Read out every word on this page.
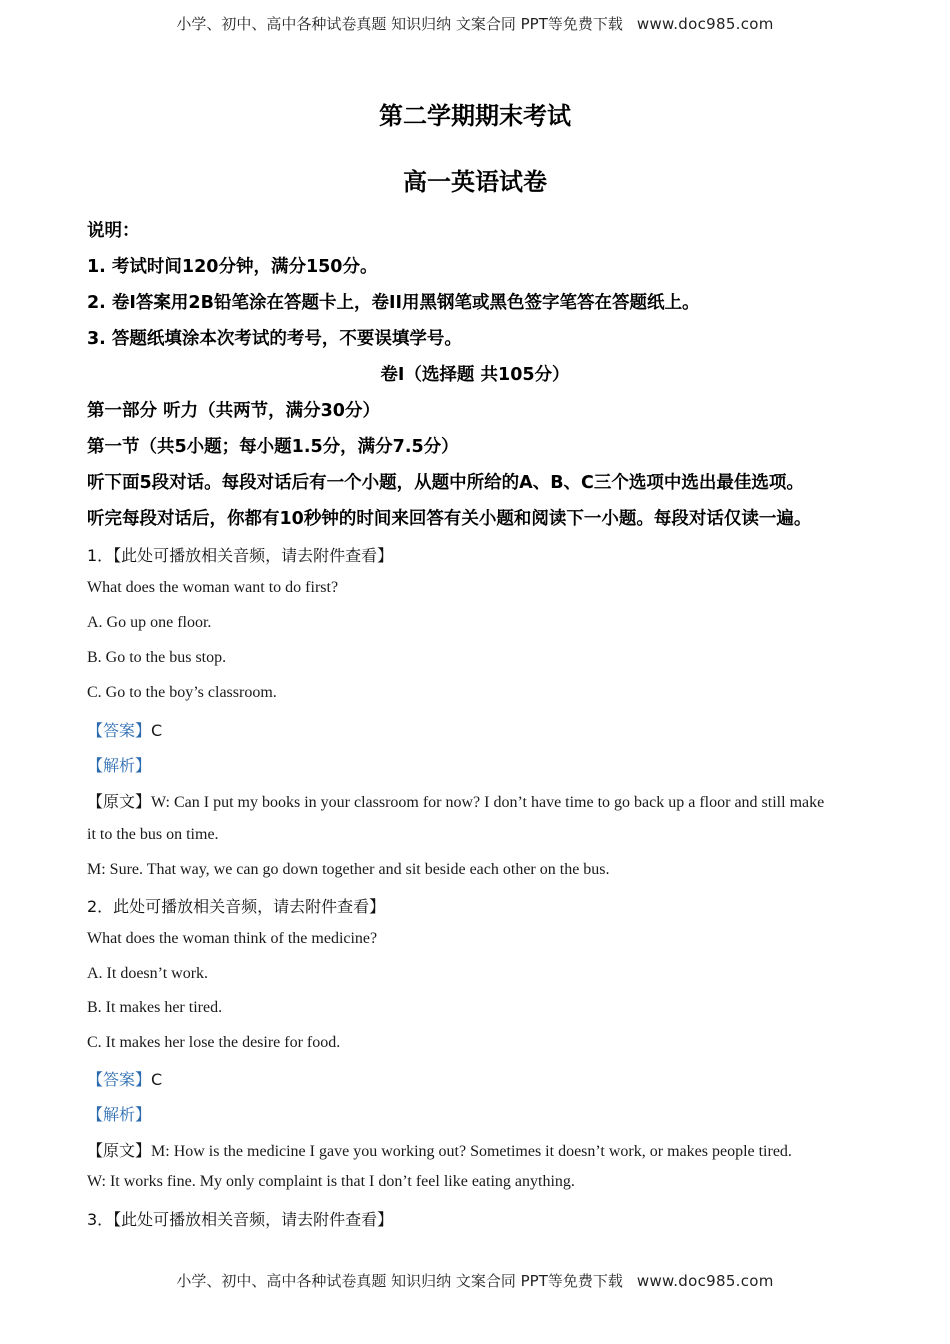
小学、初中、高中各种试卷真题 知识归纳 文案合同 PPT等免费下载 www.doc985.com
第二学期期末考试
高一英语试卷
说明：
1. 考试时间120分钟，满分150分。
2. 卷I答案用2B铅笔涂在答题卡上，卷II用黑钢笔或黑色签字笔答在答题纸上。
3. 答题纸填涂本次考试的考号，不要误填学号。
卷I（选择题 共105分）
第一部分 听力（共两节，满分30分）
第一节（共5小题；每小题1.5分，满分7.5分）
听下面5段对话。每段对话后有一个小题，从题中所给的A、B、C三个选项中选出最佳选项。
听完每段对话后，你都有10秒钟的时间来回答有关小题和阅读下一小题。每段对话仅读一遍。
1．【此处可播放相关音频，请去附件查看】
What does the woman want to do first?
A. Go up one floor.
B. Go to the bus stop.
C. Go to the boy’s classroom.
【答案】C
【解析】
【原文】W: Can I put my books in your classroom for now? I don’t have time to go back up a floor and still make
it to the bus on time.
M: Sure. That way, we can go down together and sit beside each other on the bus.
2．此处可播放相关音频，请去附件查看】
What does the woman think of the medicine?
A. It doesn’t work.
B. It makes her tired.
C. It makes her lose the desire for food.
【答案】C
【解析】
【原文】M: How is the medicine I gave you working out? Sometimes it doesn’t work, or makes people tired.
W: It works fine. My only complaint is that I don’t feel like eating anything.
3．【此处可播放相关音频，请去附件查看】
小学、初中、高中各种试卷真题 知识归纳 文案合同 PPT等免费下载 www.doc985.com
